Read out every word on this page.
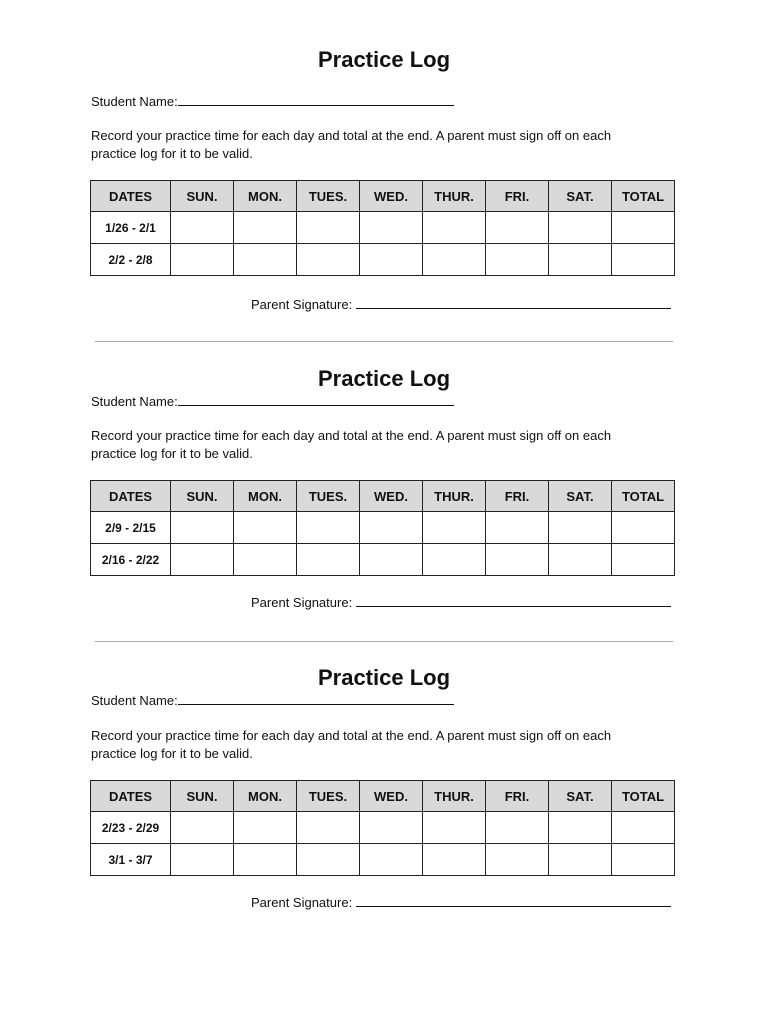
Practice Log
Student Name:

Record your practice time for each day and total at the end. A parent must sign off on each
practice log for it to be valid.

DATES	SUN.	MON.	TUES.	WED.	THUR.	FRI.	SAT.	TOTAL
1/26 - 2/1								
2/2 - 2/8								
Parent Signature:
Practice Log
Student Name:

Record your practice time for each day and total at the end. A parent must sign off on each
practice log for it to be valid.

DATES	SUN.	MON.	TUES.	WED.	THUR.	FRI.	SAT.	TOTAL
2/9 - 2/15								
2/16 - 2/22								
Parent Signature:
Practice Log
Student Name:

Record your practice time for each day and total at the end. A parent must sign off on each
practice log for it to be valid.

DATES	SUN.	MON.	TUES.	WED.	THUR.	FRI.	SAT.	TOTAL
2/23 - 2/29								
3/1 - 3/7								
Parent Signature:
